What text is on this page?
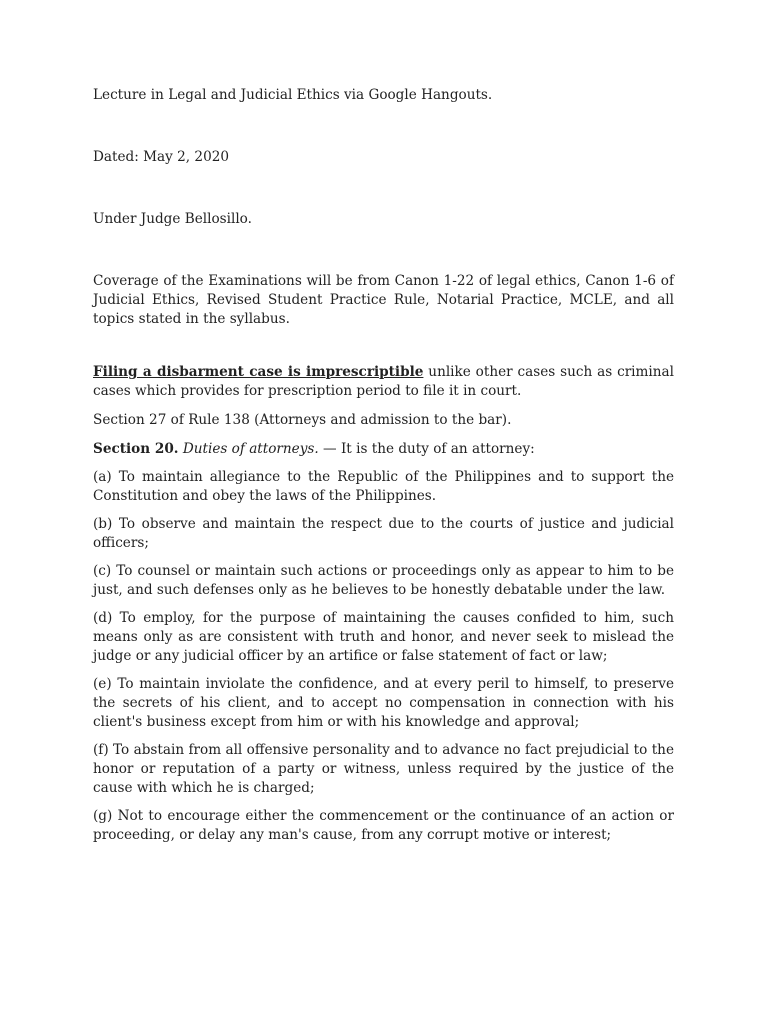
Lecture in Legal and Judicial Ethics via Google Hangouts.

Dated: May 2, 2020

Under Judge Bellosillo.

Coverage of the Examinations will be from Canon 1-22 of legal ethics, Canon 1-6 of Judicial Ethics, Revised Student Practice Rule, Notarial Practice, MCLE, and all topics stated in the syllabus.

Filing a disbarment case is imprescriptible unlike other cases such as criminal cases which provides for prescription period to file it in court.

Section 27 of Rule 138 (Attorneys and admission to the bar).

Section 20. Duties of attorneys. — It is the duty of an attorney:

(a) To maintain allegiance to the Republic of the Philippines and to support the Constitution and obey the laws of the Philippines.

(b) To observe and maintain the respect due to the courts of justice and judicial officers;

(c) To counsel or maintain such actions or proceedings only as appear to him to be just, and such defenses only as he believes to be honestly debatable under the law.

(d) To employ, for the purpose of maintaining the causes confided to him, such means only as are consistent with truth and honor, and never seek to mislead the judge or any judicial officer by an artifice or false statement of fact or law;

(e) To maintain inviolate the confidence, and at every peril to himself, to preserve the secrets of his client, and to accept no compensation in connection with his client's business except from him or with his knowledge and approval;

(f) To abstain from all offensive personality and to advance no fact prejudicial to the honor or reputation of a party or witness, unless required by the justice of the cause with which he is charged;

(g) Not to encourage either the commencement or the continuance of an action or proceeding, or delay any man's cause, from any corrupt motive or interest;
